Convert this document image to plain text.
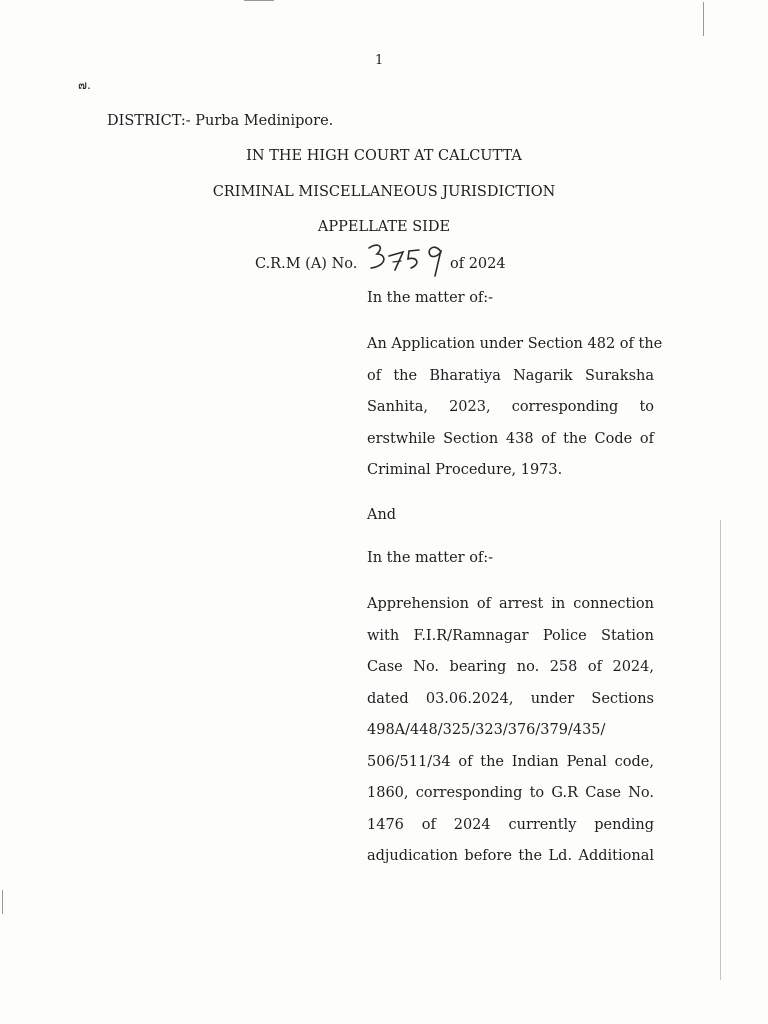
1
๗.
DISTRICT:- Purba Medinipore.
IN THE HIGH COURT AT CALCUTTA
CRIMINAL MISCELLANEOUS JURISDICTION
APPELLATE SIDE
C.R.M (A) No.	of 2024
In the matter of:-
An Application under Section 482 of the
of the Bharatiya Nagarik Suraksha
Sanhita, 2023, corresponding to
erstwhile Section 438 of the Code of
Criminal Procedure, 1973.
And
In the matter of:-
Apprehension of arrest in connection
with F.I.R/Ramnagar Police Station
Case No. bearing no. 258 of 2024,
dated 03.06.2024, under Sections
498A/448/325/323/376/379/435/
506/511/34 of the Indian Penal code,
1860, corresponding to G.R Case No.
1476 of 2024 currently pending
adjudication before the Ld. Additional
